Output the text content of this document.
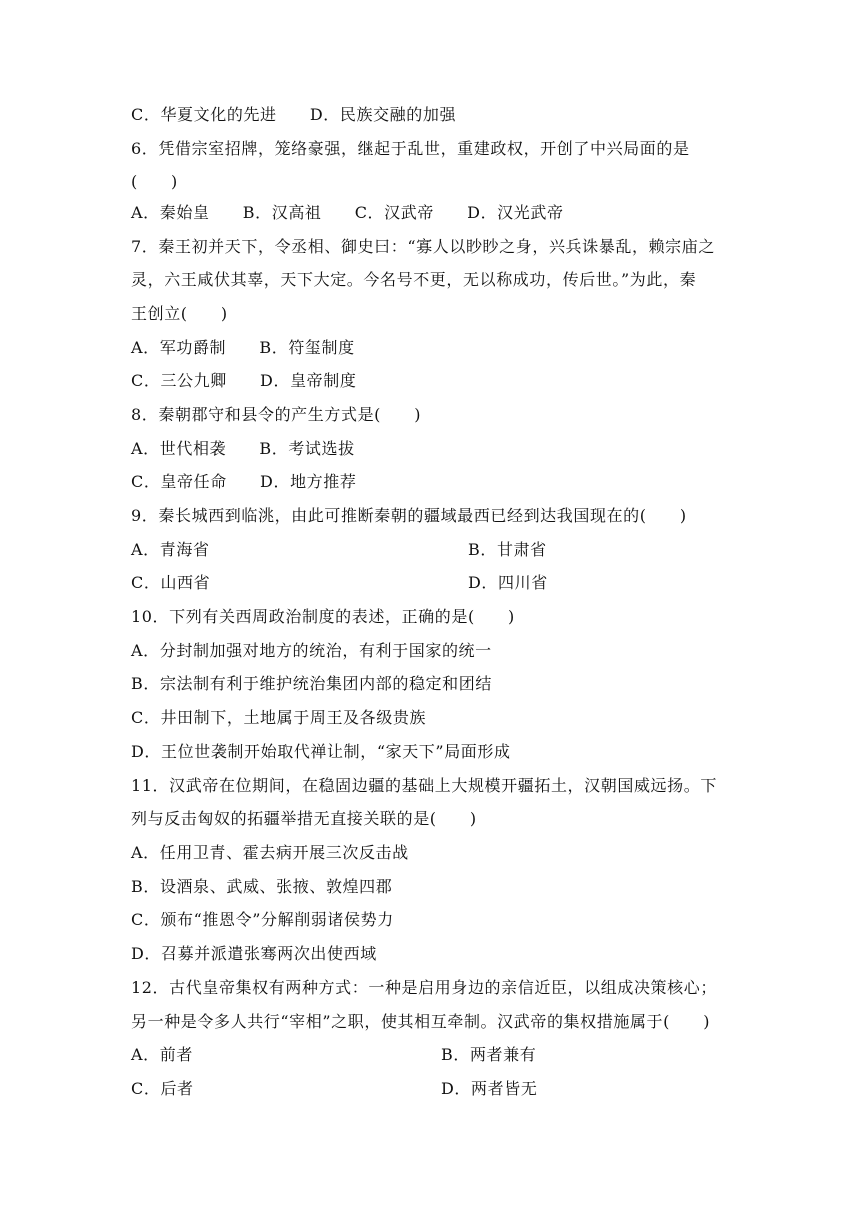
C．华夏文化的先进　　D．民族交融的加强
6．凭借宗室招牌，笼络豪强，继起于乱世，重建政权，开创了中兴局面的是
(　　)
A．秦始皇　　B．汉高祖　　C．汉武帝　　D．汉光武帝
7．秦王初并天下，令丞相、御史曰：“寡人以眇眇之身，兴兵诛暴乱，赖宗庙之
灵，六王咸伏其辜，天下大定。今名号不更，无以称成功，传后世。”为此，秦
王创立(　　)
A．军功爵制　　B．符玺制度
C．三公九卿　　D．皇帝制度
8．秦朝郡守和县令的产生方式是(　　)
A．世代相袭　　B．考试选拔
C．皇帝任命　　D．地方推荐
9．秦长城西到临洮，由此可推断秦朝的疆域最西已经到达我国现在的(　　)
A．青海省	B．甘肃省
C．山西省	D．四川省
10．下列有关西周政治制度的表述，正确的是(　　)
A．分封制加强对地方的统治，有利于国家的统一
B．宗法制有利于维护统治集团内部的稳定和团结
C．井田制下，土地属于周王及各级贵族
D．王位世袭制开始取代禅让制，“家天下”局面形成
11．汉武帝在位期间，在稳固边疆的基础上大规模开疆拓土，汉朝国威远扬。下
列与反击匈奴的拓疆举措无直接关联的是(　　)
A．任用卫青、霍去病开展三次反击战
B．设酒泉、武威、张掖、敦煌四郡
C．颁布“推恩令”分解削弱诸侯势力
D．召募并派遣张骞两次出使西域
12．古代皇帝集权有两种方式：一种是启用身边的亲信近臣，以组成决策核心；
另一种是令多人共行“宰相”之职，使其相互牵制。汉武帝的集权措施属于(　　)
A．前者	B．两者兼有
C．后者	D．两者皆无
